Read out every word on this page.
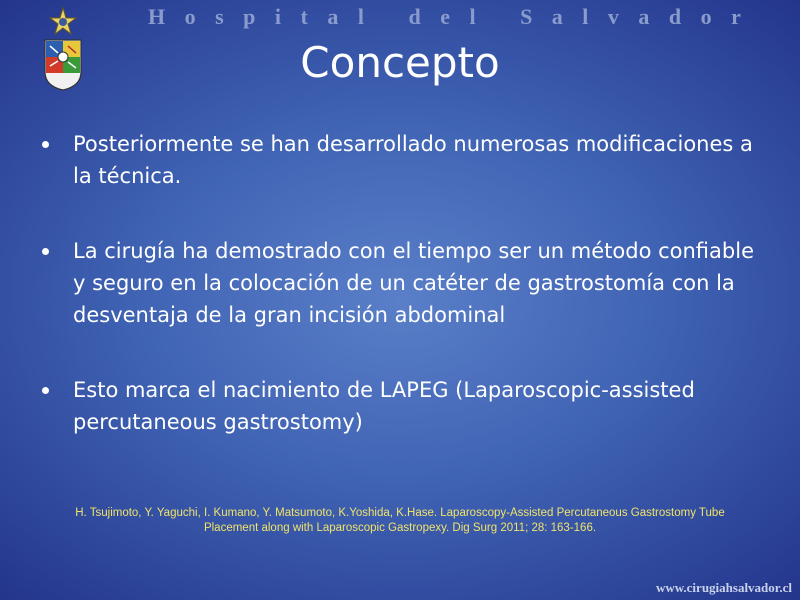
Hospital del Salvador
Concepto
Posteriormente se han desarrollado numerosas modificaciones a la técnica.
La cirugía ha demostrado con el tiempo ser un método confiable y seguro en la colocación de un catéter de gastrostomía con la desventaja de la gran incisión abdominal
Esto marca el nacimiento de LAPEG (Laparoscopic-assisted percutaneous gastrostomy)
H. Tsujimoto, Y. Yaguchi, I. Kumano, Y. Matsumoto, K.Yoshida, K.Hase. Laparoscopy-Assisted Percutaneous Gastrostomy Tube
Placement along with Laparoscopic Gastropexy. Dig Surg 2011; 28: 163-166.
www.cirugiahsalvador.cl
